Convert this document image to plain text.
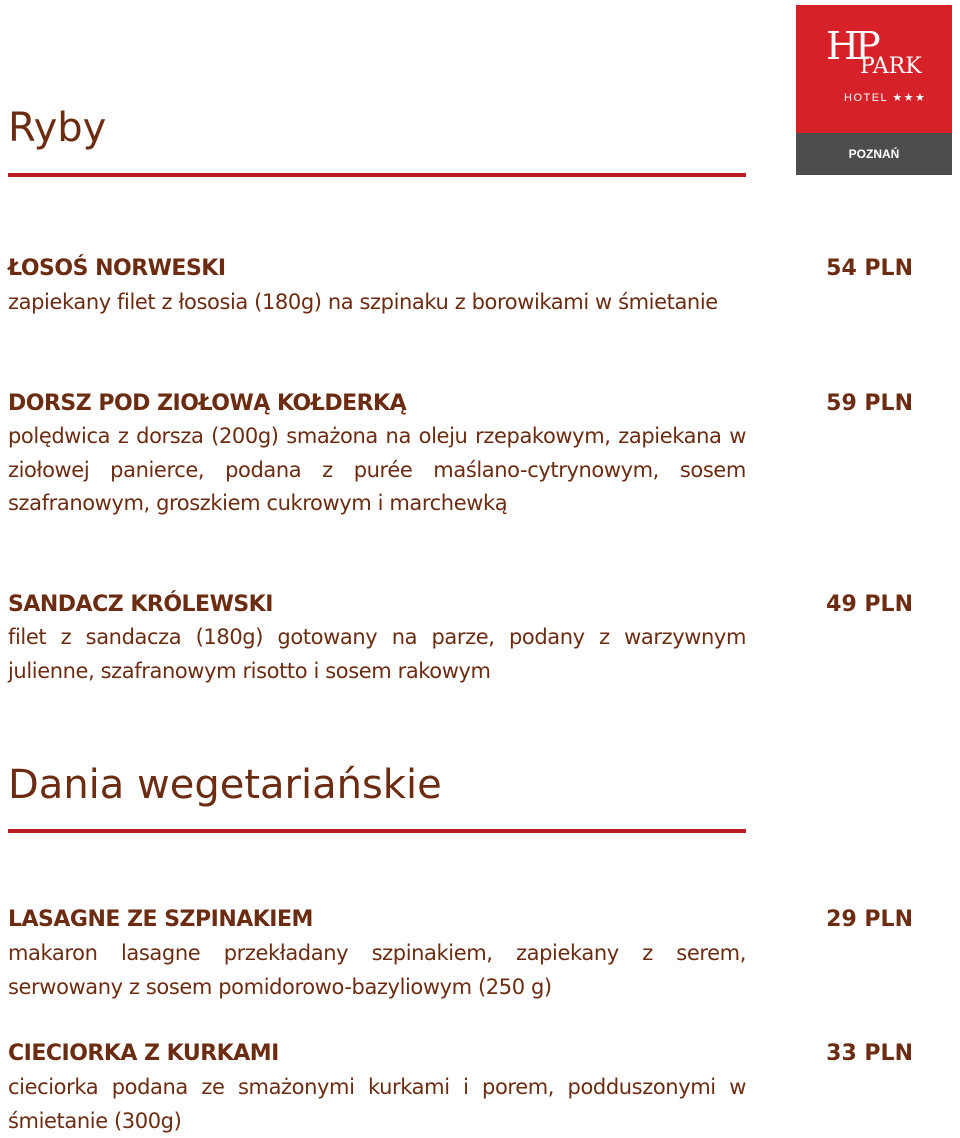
HP
PARK
HOTEL ★★★
POZNAŃ
Ryby
ŁOSOŚ NORWESKI	54 PLN
zapiekany filet z łososia (180g) na szpinaku z borowikami w śmietanie
DORSZ POD ZIOŁOWĄ KOŁDERKĄ	59 PLN
polędwica z dorsza (200g) smażona na oleju rzepakowym, zapiekana w ziołowej panierce, podana z purée maślano-cytrynowym, sosem szafranowym, groszkiem cukrowym i marchewką
SANDACZ KRÓLEWSKI	49 PLN
filet z sandacza (180g) gotowany na parze, podany z warzywnym julienne, szafranowym risotto i sosem rakowym
Dania wegetariańskie
LASAGNE ZE SZPINAKIEM	29 PLN
makaron lasagne przekładany szpinakiem, zapiekany z serem, serwowany z sosem pomidorowo-bazyliowym (250 g)
CIECIORKA Z KURKAMI	33 PLN
cieciorka podana ze smażonymi kurkami i porem, podduszonymi w śmietanie (300g)
